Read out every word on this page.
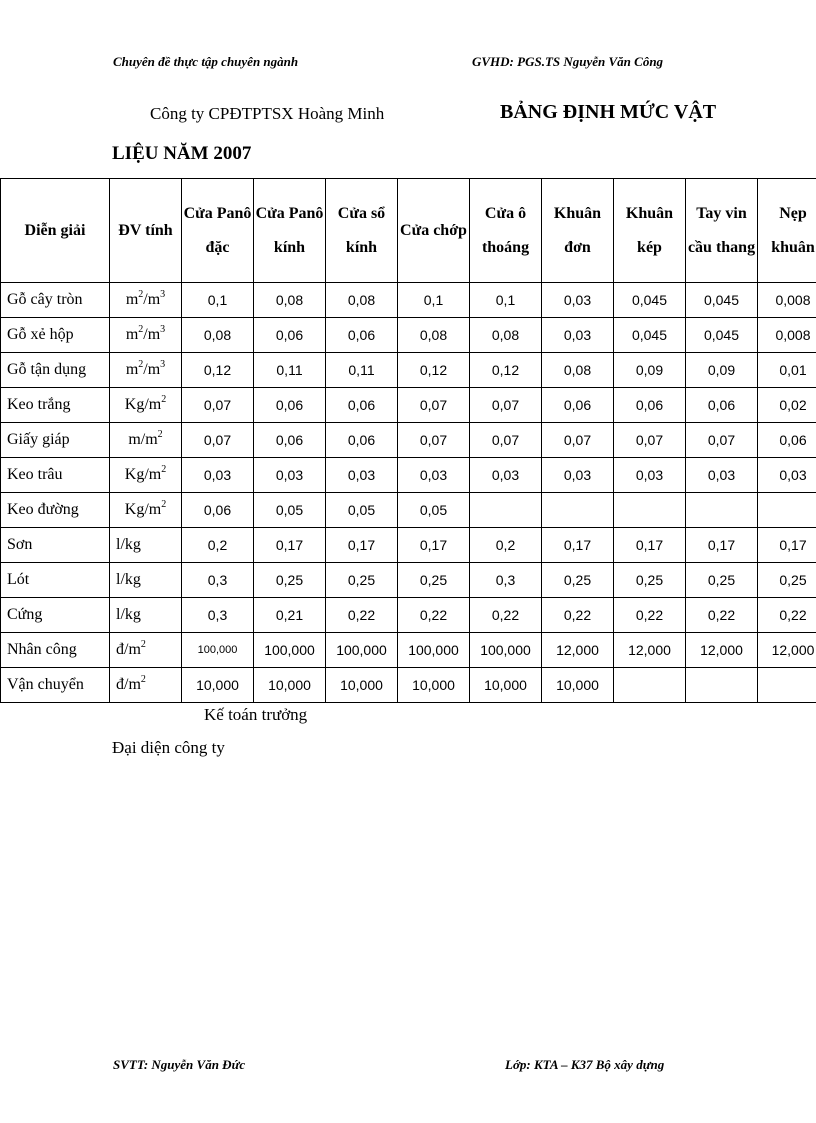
Chuyên đề thực tập chuyên ngành	GVHD: PGS.TS Nguyễn Văn Công
Công ty CPĐTPTSX Hoàng Minh	BẢNG ĐỊNH MỨC VẬT
LIỆU NĂM 2007
Diễn giải	ĐV tính	Cửa Panô đặc	Cửa Panô kính	Cửa sổ kính	Cửa chớp	Cửa ô thoáng	Khuân đơn	Khuân kép	Tay vin cầu thang	Nẹp khuân
Gỗ cây tròn	$m^2/m^3$	0,1	0,08	0,08	0,1	0,1	0,03	0,045	0,045	0,008
Gỗ xẻ hộp	$m^2/m^3$	0,08	0,06	0,06	0,08	0,08	0,03	0,045	0,045	0,008
Gỗ tận dụng	$m^2/m^3$	0,12	0,11	0,11	0,12	0,12	0,08	0,09	0,09	0,01
Keo trắng	$Kg/m^2$	0,07	0,06	0,06	0,07	0,07	0,06	0,06	0,06	0,02
Giấy giáp	$m/m^2$	0,07	0,06	0,06	0,07	0,07	0,07	0,07	0,07	0,06
Keo trâu	$Kg/m^2$	0,03	0,03	0,03	0,03	0,03	0,03	0,03	0,03	0,03
Keo đường	$Kg/m^2$	0,06	0,05	0,05	0,05					
Sơn	l/kg	0,2	0,17	0,17	0,17	0,2	0,17	0,17	0,17	0,17
Lót	l/kg	0,3	0,25	0,25	0,25	0,3	0,25	0,25	0,25	0,25
Cứng	l/kg	0,3	0,21	0,22	0,22	0,22	0,22	0,22	0,22	0,22
Nhân công	$đ/m^2$	100,000	100,000	100,000	100,000	100,000	12,000	12,000	12,000	12,000
Vận chuyển	$đ/m^2$	10,000	10,000	10,000	10,000	10,000	10,000			
Kế toán trưởng
Đại diện công ty
SVTT: Nguyễn Văn Đức	Lớp: KTA – K37 Bộ xây dựng
